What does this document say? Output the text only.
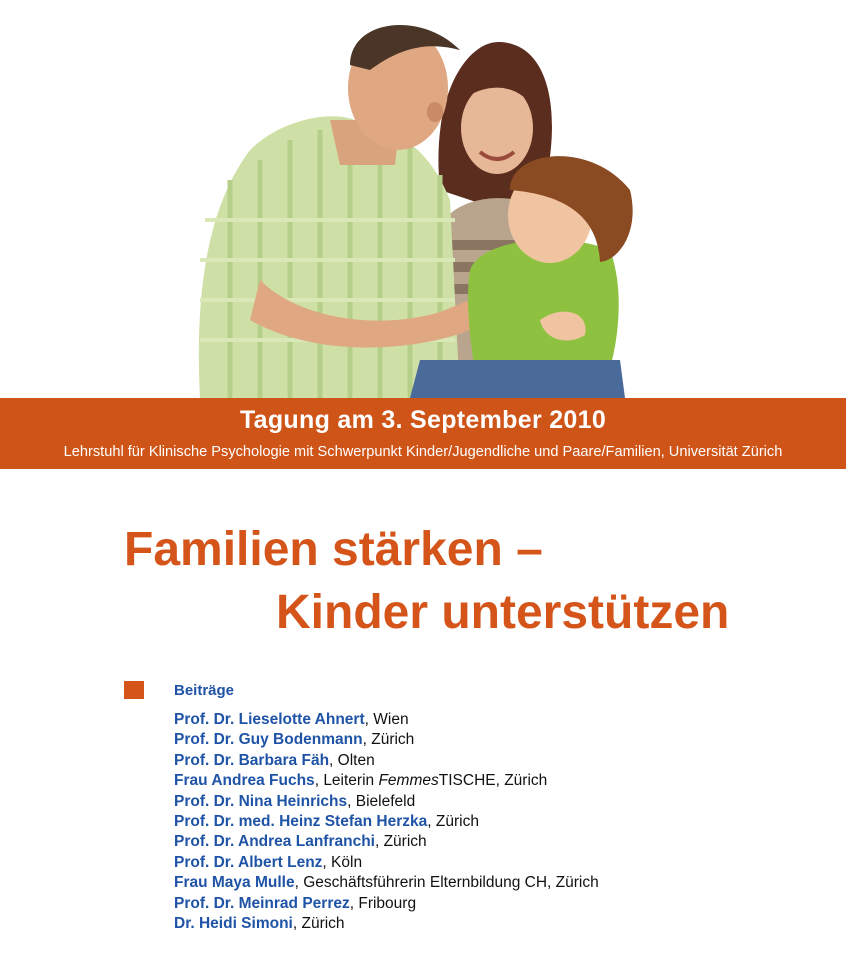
Tagung am 3. September 2010
Lehrstuhl für Klinische Psychologie mit Schwerpunkt Kinder/Jugendliche und Paare/Familien, Universität Zürich
Familien stärken –
Kinder unterstützen
Beiträge
Prof. Dr. Lieselotte Ahnert, Wien
Prof. Dr. Guy Bodenmann, Zürich
Prof. Dr. Barbara Fäh, Olten
Frau Andrea Fuchs, Leiterin FemmesTISCHE, Zürich
Prof. Dr. Nina Heinrichs, Bielefeld
Prof. Dr. med. Heinz Stefan Herzka, Zürich
Prof. Dr. Andrea Lanfranchi, Zürich
Prof. Dr. Albert Lenz, Köln
Frau Maya Mulle, Geschäftsführerin Elternbildung CH, Zürich
Prof. Dr. Meinrad Perrez, Fribourg
Dr. Heidi Simoni, Zürich
